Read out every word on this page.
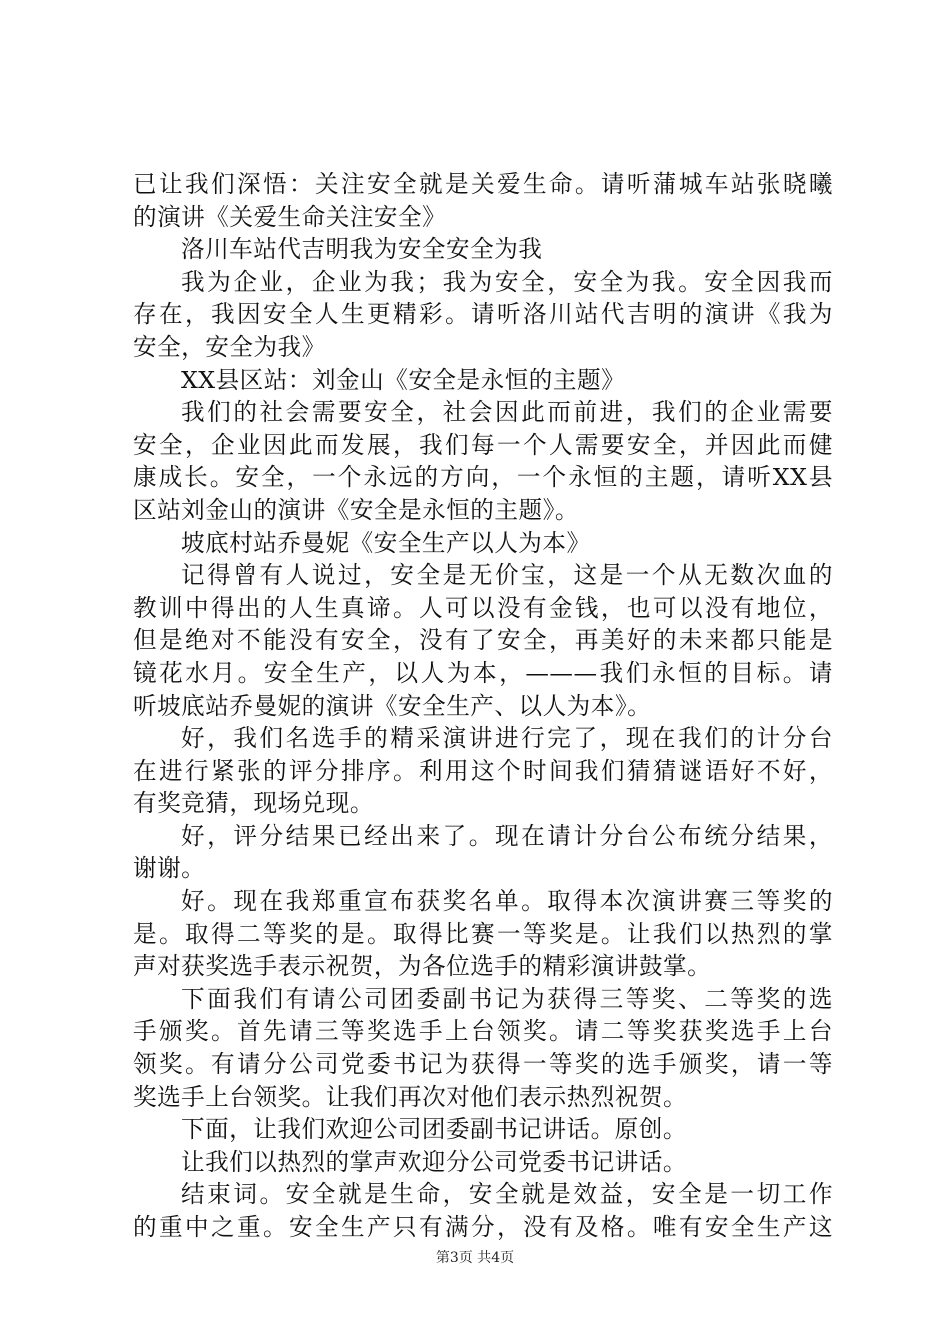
已让我们深悟：关注安全就是关爱生命。请听蒲城车站张晓曦
的演讲《关爱生命关注安全》
洛川车站代吉明我为安全安全为我
我为企业，企业为我；我为安全，安全为我。安全因我而
存在，我因安全人生更精彩。请听洛川站代吉明的演讲《我为
安全，安全为我》
XX县区站：刘金山《安全是永恒的主题》
我们的社会需要安全，社会因此而前进，我们的企业需要
安全，企业因此而发展，我们每一个人需要安全，并因此而健
康成长。安全，一个永远的方向，一个永恒的主题，请听XX县
区站刘金山的演讲《安全是永恒的主题》。
坡底村站乔曼妮《安全生产以人为本》
记得曾有人说过，安全是无价宝，这是一个从无数次血的
教训中得出的人生真谛。人可以没有金钱，也可以没有地位，
但是绝对不能没有安全，没有了安全，再美好的未来都只能是
镜花水月。安全生产，以人为本，———我们永恒的目标。请
听坡底站乔曼妮的演讲《安全生产、以人为本》。
好，我们名选手的精采演讲进行完了，现在我们的计分台
在进行紧张的评分排序。利用这个时间我们猜猜谜语好不好，
有奖竞猜，现场兑现。
好，评分结果已经出来了。现在请计分台公布统分结果，
谢谢。
好。现在我郑重宣布获奖名单。取得本次演讲赛三等奖的
是。取得二等奖的是。取得比赛一等奖是。让我们以热烈的掌
声对获奖选手表示祝贺，为各位选手的精彩演讲鼓掌。
下面我们有请公司团委副书记为获得三等奖、二等奖的选
手颁奖。首先请三等奖选手上台领奖。请二等奖获奖选手上台
领奖。有请分公司党委书记为获得一等奖的选手颁奖，请一等
奖选手上台领奖。让我们再次对他们表示热烈祝贺。
下面，让我们欢迎公司团委副书记讲话。原创。
让我们以热烈的掌声欢迎分公司党委书记讲话。
结束词。安全就是生命，安全就是效益，安全是一切工作
的重中之重。安全生产只有满分，没有及格。唯有安全生产这
第3页 共4页
